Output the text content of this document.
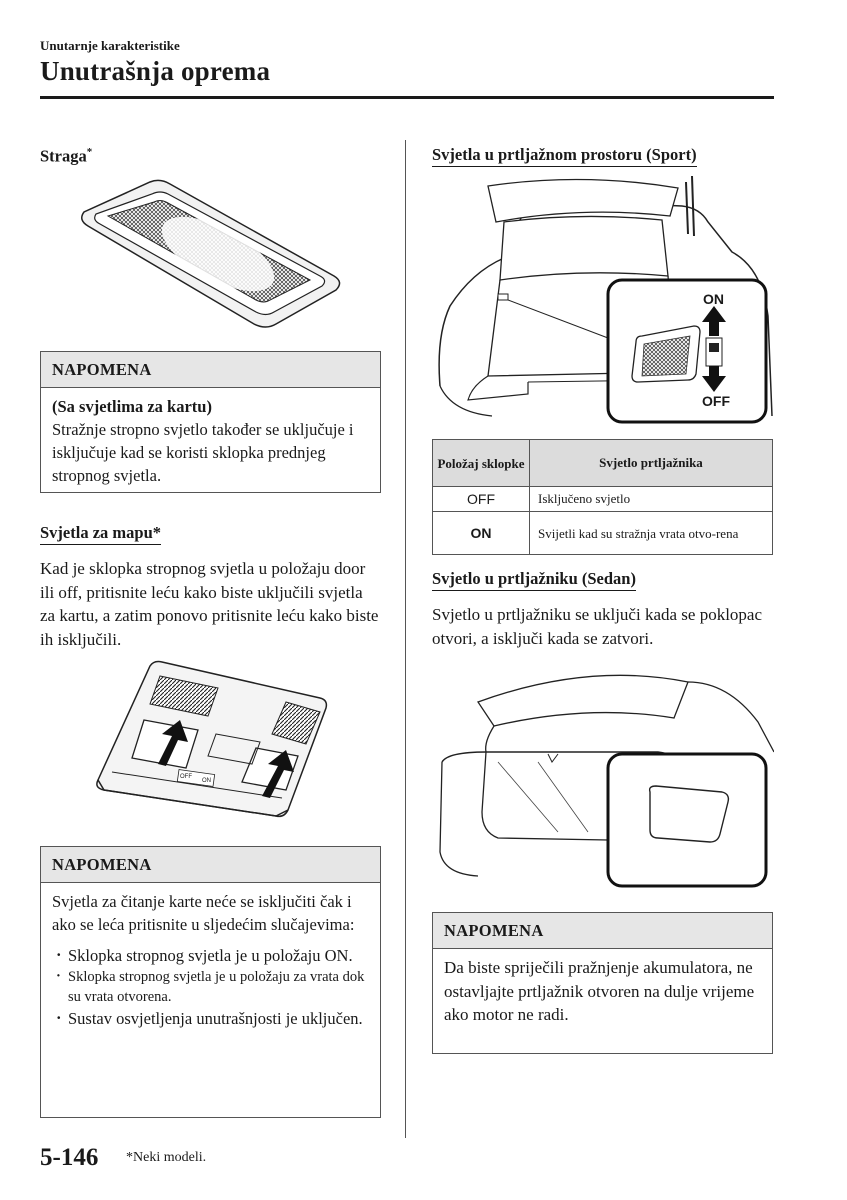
Unutarnje karakteristike
Unutrašnja oprema
Straga*
NAPOMENA
(Sa svjetlima za kartu)
Stražnje stropno svjetlo također se uključuje i isključuje kad se koristi sklopka prednjeg stropnog svjetla.
Svjetla za mapu*
Kad je sklopka stropnog svjetla u položaju door ili off, pritisnite leću kako biste uključili svjetla za kartu, a zatim ponovo pritisnite leću kako biste ih isključili.
OFF
ON
NAPOMENA
Svjetla za čitanje karte neće se isključiti čak i ako se leća pritisnite u sljedećim slučajevima:
· Sklopka stropnog svjetla je u položaju ON.
· Sklopka stropnog svjetla je u položaju za vrata dok su vrata otvorena.
· Sustav osvjetljenja unutrašnjosti je uključen.
Svjetla u prtljažnom prostoru (Sport)
ON
OFF
Položaj sklopke	Svjetlo prtljažnika
OFF	Isključeno svjetlo
ON	Svijetli kad su stražnja vrata otvo-rena
Svjetlo u prtljažniku (Sedan)
Svjetlo u prtljažniku se uključi kada se poklopac otvori, a isključi kada se zatvori.
NAPOMENA
Da biste spriječili pražnjenje akumulatora, ne ostavljajte prtljažnik otvoren na dulje vrijeme ako motor ne radi.
5-146 *Neki modeli.
